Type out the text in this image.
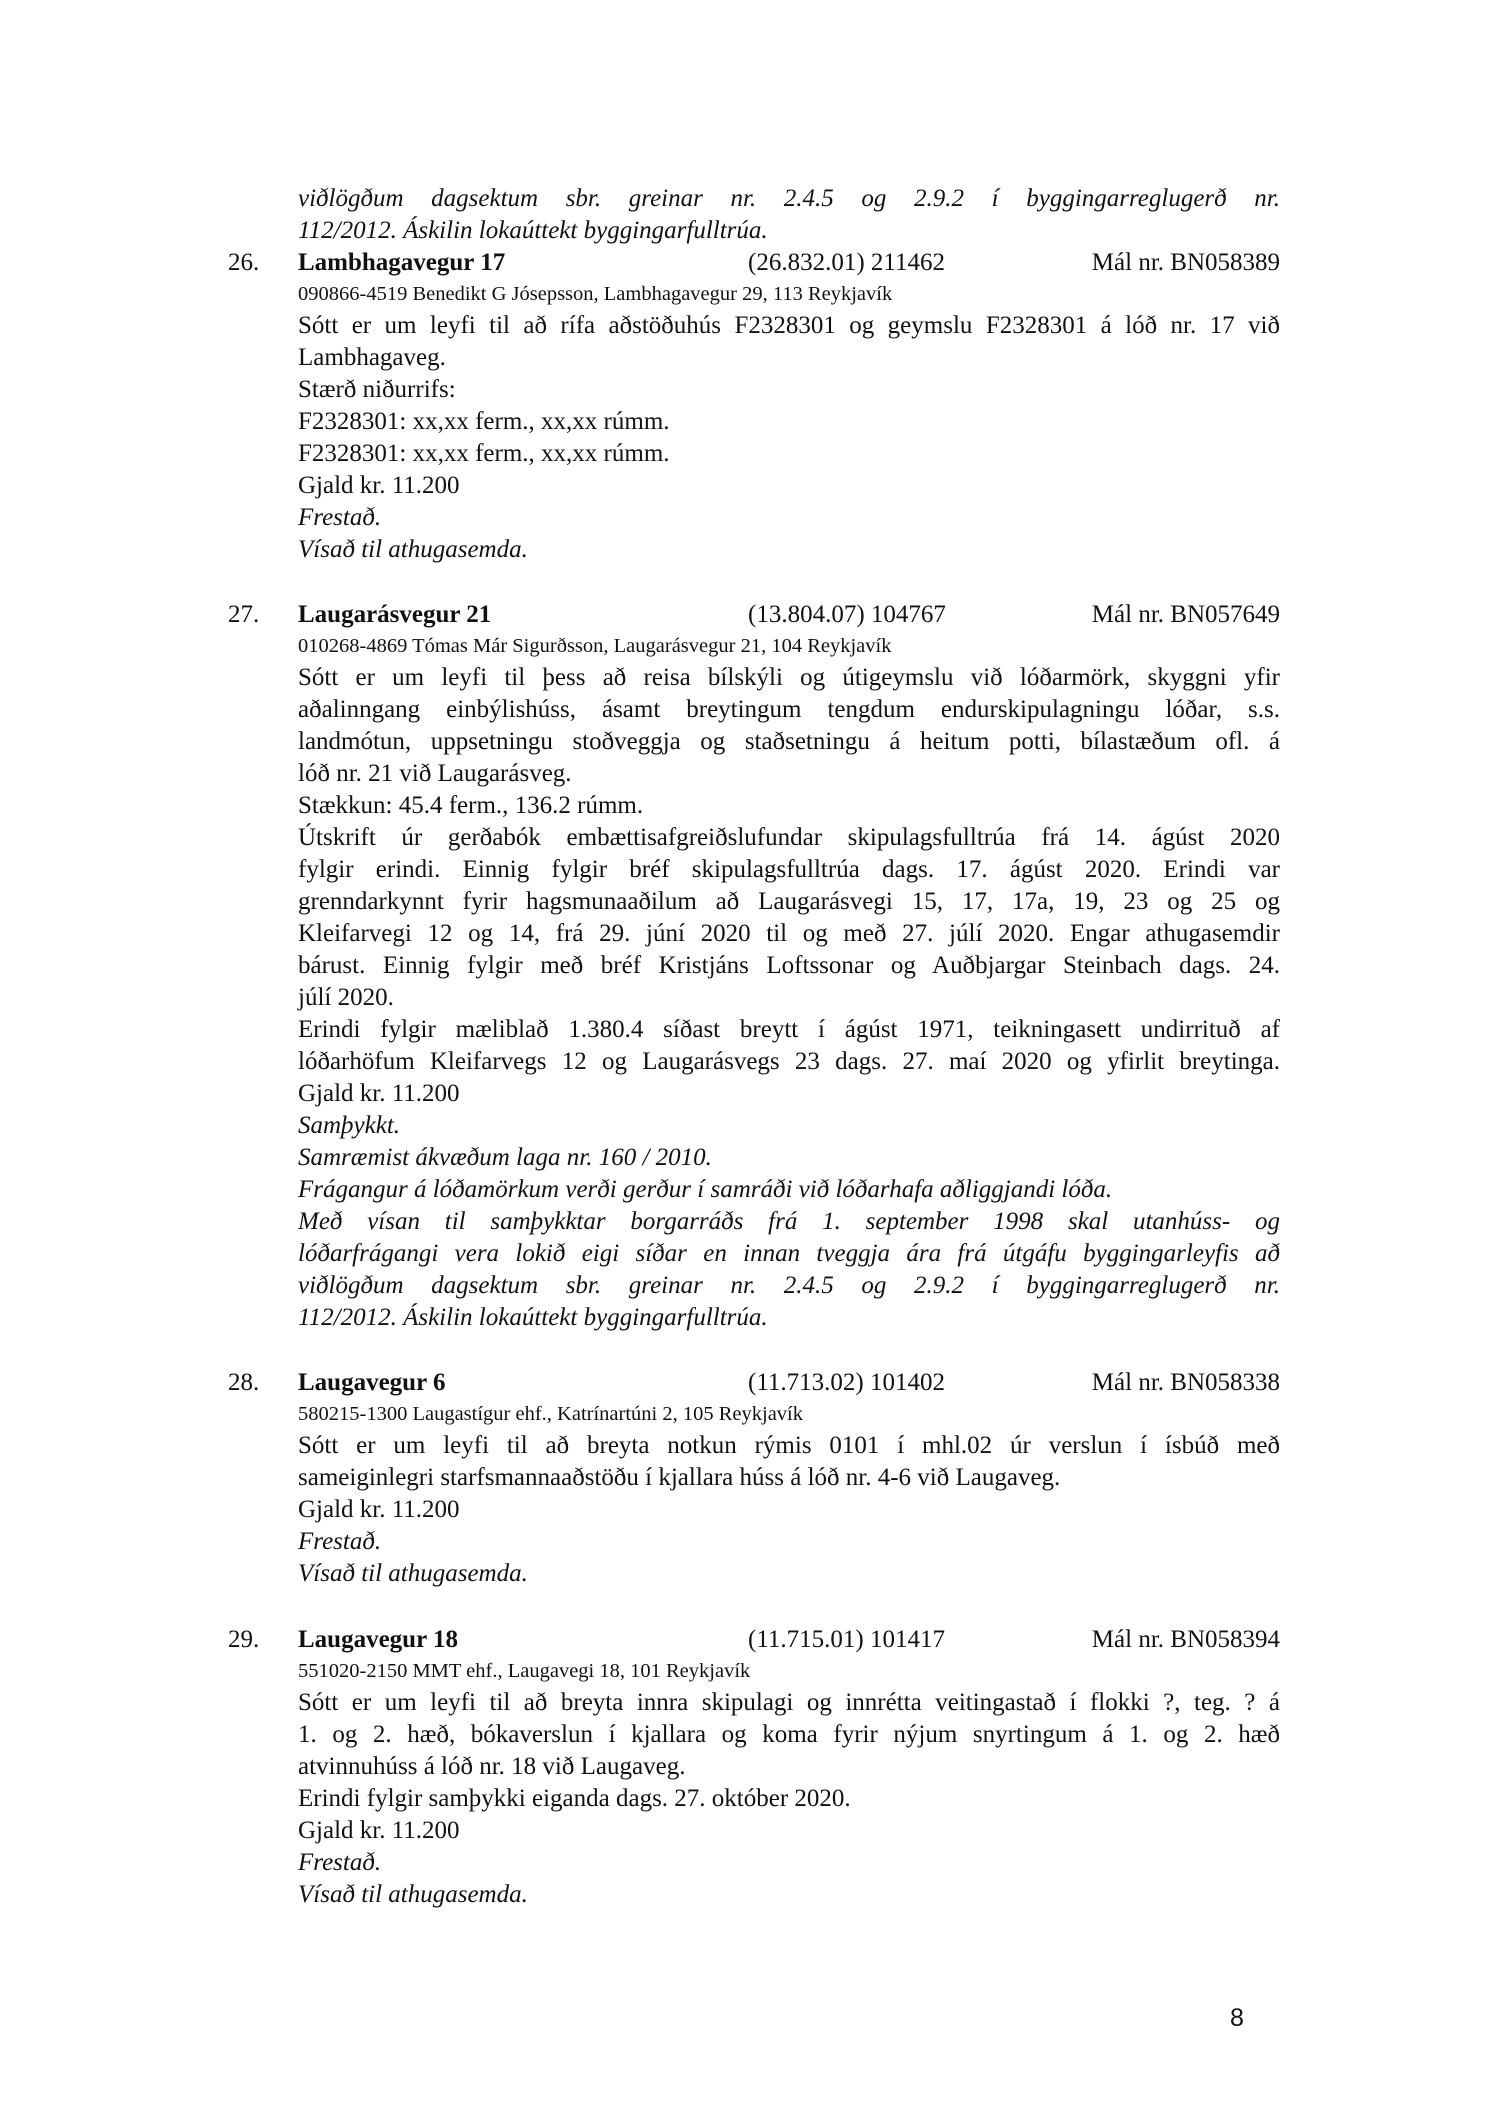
viðlögðum dagsektum sbr. greinar nr. 2.4.5 og 2.9.2 í byggingarreglugerð nr.
112/2012. Áskilin lokaúttekt byggingarfulltrúa.
26. Lambhagavegur 17	(26.832.01) 211462	Mál nr. BN058389
090866-4519 Benedikt G Jósepsson, Lambhagavegur 29, 113 Reykjavík
Sótt er um leyfi til að rífa aðstöðuhús F2328301 og geymslu F2328301 á lóð nr. 17 við
Lambhagaveg.
Stærð niðurrifs:
F2328301: xx,xx ferm., xx,xx rúmm.
F2328301: xx,xx ferm., xx,xx rúmm.
Gjald kr. 11.200
Frestað.
Vísað til athugasemda.
27. Laugarásvegur 21	(13.804.07) 104767	Mál nr. BN057649
010268-4869 Tómas Már Sigurðsson, Laugarásvegur 21, 104 Reykjavík
Sótt er um leyfi til þess að reisa bílskýli og útigeymslu við lóðarmörk, skyggni yfir
aðalinngang einbýlishúss, ásamt breytingum tengdum endurskipulagningu lóðar, s.s.
landmótun, uppsetningu stoðveggja og staðsetningu á heitum potti, bílastæðum ofl. á
lóð nr. 21 við Laugarásveg.
Stækkun: 45.4 ferm., 136.2 rúmm.
Útskrift úr gerðabók embættisafgreiðslufundar skipulagsfulltrúa frá 14. ágúst 2020
fylgir erindi. Einnig fylgir bréf skipulagsfulltrúa dags. 17. ágúst 2020. Erindi var
grenndarkynnt fyrir hagsmunaaðilum að Laugarásvegi 15, 17, 17a, 19, 23 og 25 og
Kleifarvegi 12 og 14, frá 29. júní 2020 til og með 27. júlí 2020. Engar athugasemdir
bárust. Einnig fylgir með bréf Kristjáns Loftssonar og Auðbjargar Steinbach dags. 24.
júlí 2020.
Erindi fylgir mæliblað 1.380.4 síðast breytt í ágúst 1971, teikningasett undirrituð af
lóðarhöfum Kleifarvegs 12 og Laugarásvegs 23 dags. 27. maí 2020 og yfirlit breytinga.
Gjald kr. 11.200
Samþykkt.
Samræmist ákvæðum laga nr. 160 / 2010.
Frágangur á lóðamörkum verði gerður í samráði við lóðarhafa aðliggjandi lóða.
Með vísan til samþykktar borgarráðs frá 1. september 1998 skal utanhúss- og
lóðarfrágangi vera lokið eigi síðar en innan tveggja ára frá útgáfu byggingarleyfis að
viðlögðum dagsektum sbr. greinar nr. 2.4.5 og 2.9.2 í byggingarreglugerð nr.
112/2012. Áskilin lokaúttekt byggingarfulltrúa.
28. Laugavegur 6	(11.713.02) 101402	Mál nr. BN058338
580215-1300 Laugastígur ehf., Katrínartúni 2, 105 Reykjavík
Sótt er um leyfi til að breyta notkun rýmis 0101 í mhl.02 úr verslun í ísbúð með
sameiginlegri starfsmannaaðstöðu í kjallara húss á lóð nr. 4-6 við Laugaveg.
Gjald kr. 11.200
Frestað.
Vísað til athugasemda.
29. Laugavegur 18	(11.715.01) 101417	Mál nr. BN058394
551020-2150 MMT ehf., Laugavegi 18, 101 Reykjavík
Sótt er um leyfi til að breyta innra skipulagi og innrétta veitingastað í flokki ?, teg. ? á
1. og 2. hæð, bókaverslun í kjallara og koma fyrir nýjum snyrtingum á 1. og 2. hæð
atvinnuhúss á lóð nr. 18 við Laugaveg.
Erindi fylgir samþykki eiganda dags. 27. október 2020.
Gjald kr. 11.200
Frestað.
Vísað til athugasemda.
8
